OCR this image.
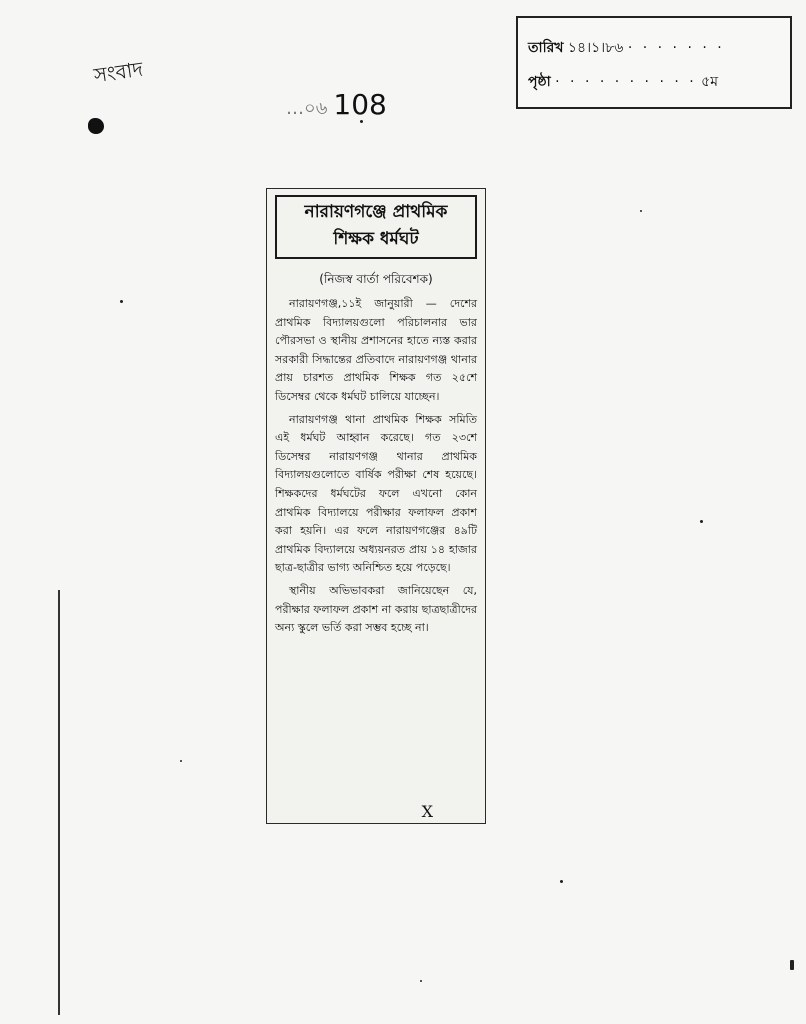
তারিখ ১৪।১।৮৬ · · · · · · ·
পৃষ্ঠা · · · · · · · · · · ৫ম
সংবাদ
…০৬ 108
নারায়ণগঞ্জে প্রাথমিক
শিক্ষক ধর্মঘট
(নিজস্ব বার্তা পরিবেশক)

নারায়ণগঞ্জ,১১ই জানুয়ারী — দেশের প্রাথমিক বিদ্যালয়গুলো পরিচালনার ভার পৌরসভা ও স্থানীয় প্রশাসনের হাতে ন্যস্ত করার সরকারী সিদ্ধান্তের প্রতিবাদে নারায়ণগঞ্জ থানার প্রায় চারশত প্রাথমিক শিক্ষক গত ২৫শে ডিসেম্বর থেকে ধর্মঘট চালিয়ে যাচ্ছেন।

নারায়ণগঞ্জ থানা প্রাথমিক শিক্ষক সমিতি এই ধর্মঘট আহ্বান করেছে। গত ২৩শে ডিসেম্বর নারায়ণগঞ্জ থানার প্রাথমিক বিদ্যালয়গুলোতে বার্ষিক পরীক্ষা শেষ হয়েছে। শিক্ষকদের ধর্মঘটের ফলে এখনো কোন প্রাথমিক বিদ্যালয়ে পরীক্ষার ফলাফল প্রকাশ করা হয়নি। এর ফলে নারায়ণগঞ্জের ৪৯টি প্রাথমিক বিদ্যালয়ে অধ্যয়নরত প্রায় ১৪ হাজার ছাত্র-ছাত্রীর ভাগ্য অনিশ্চিত হয়ে পড়েছে।

স্থানীয় অভিভাবকরা জানিয়েছেন যে, পরীক্ষার ফলাফল প্রকাশ না করায় ছাত্রছাত্রীদের অন্য স্কুলে ভর্তি করা সম্ভব হচ্ছে না।

X
